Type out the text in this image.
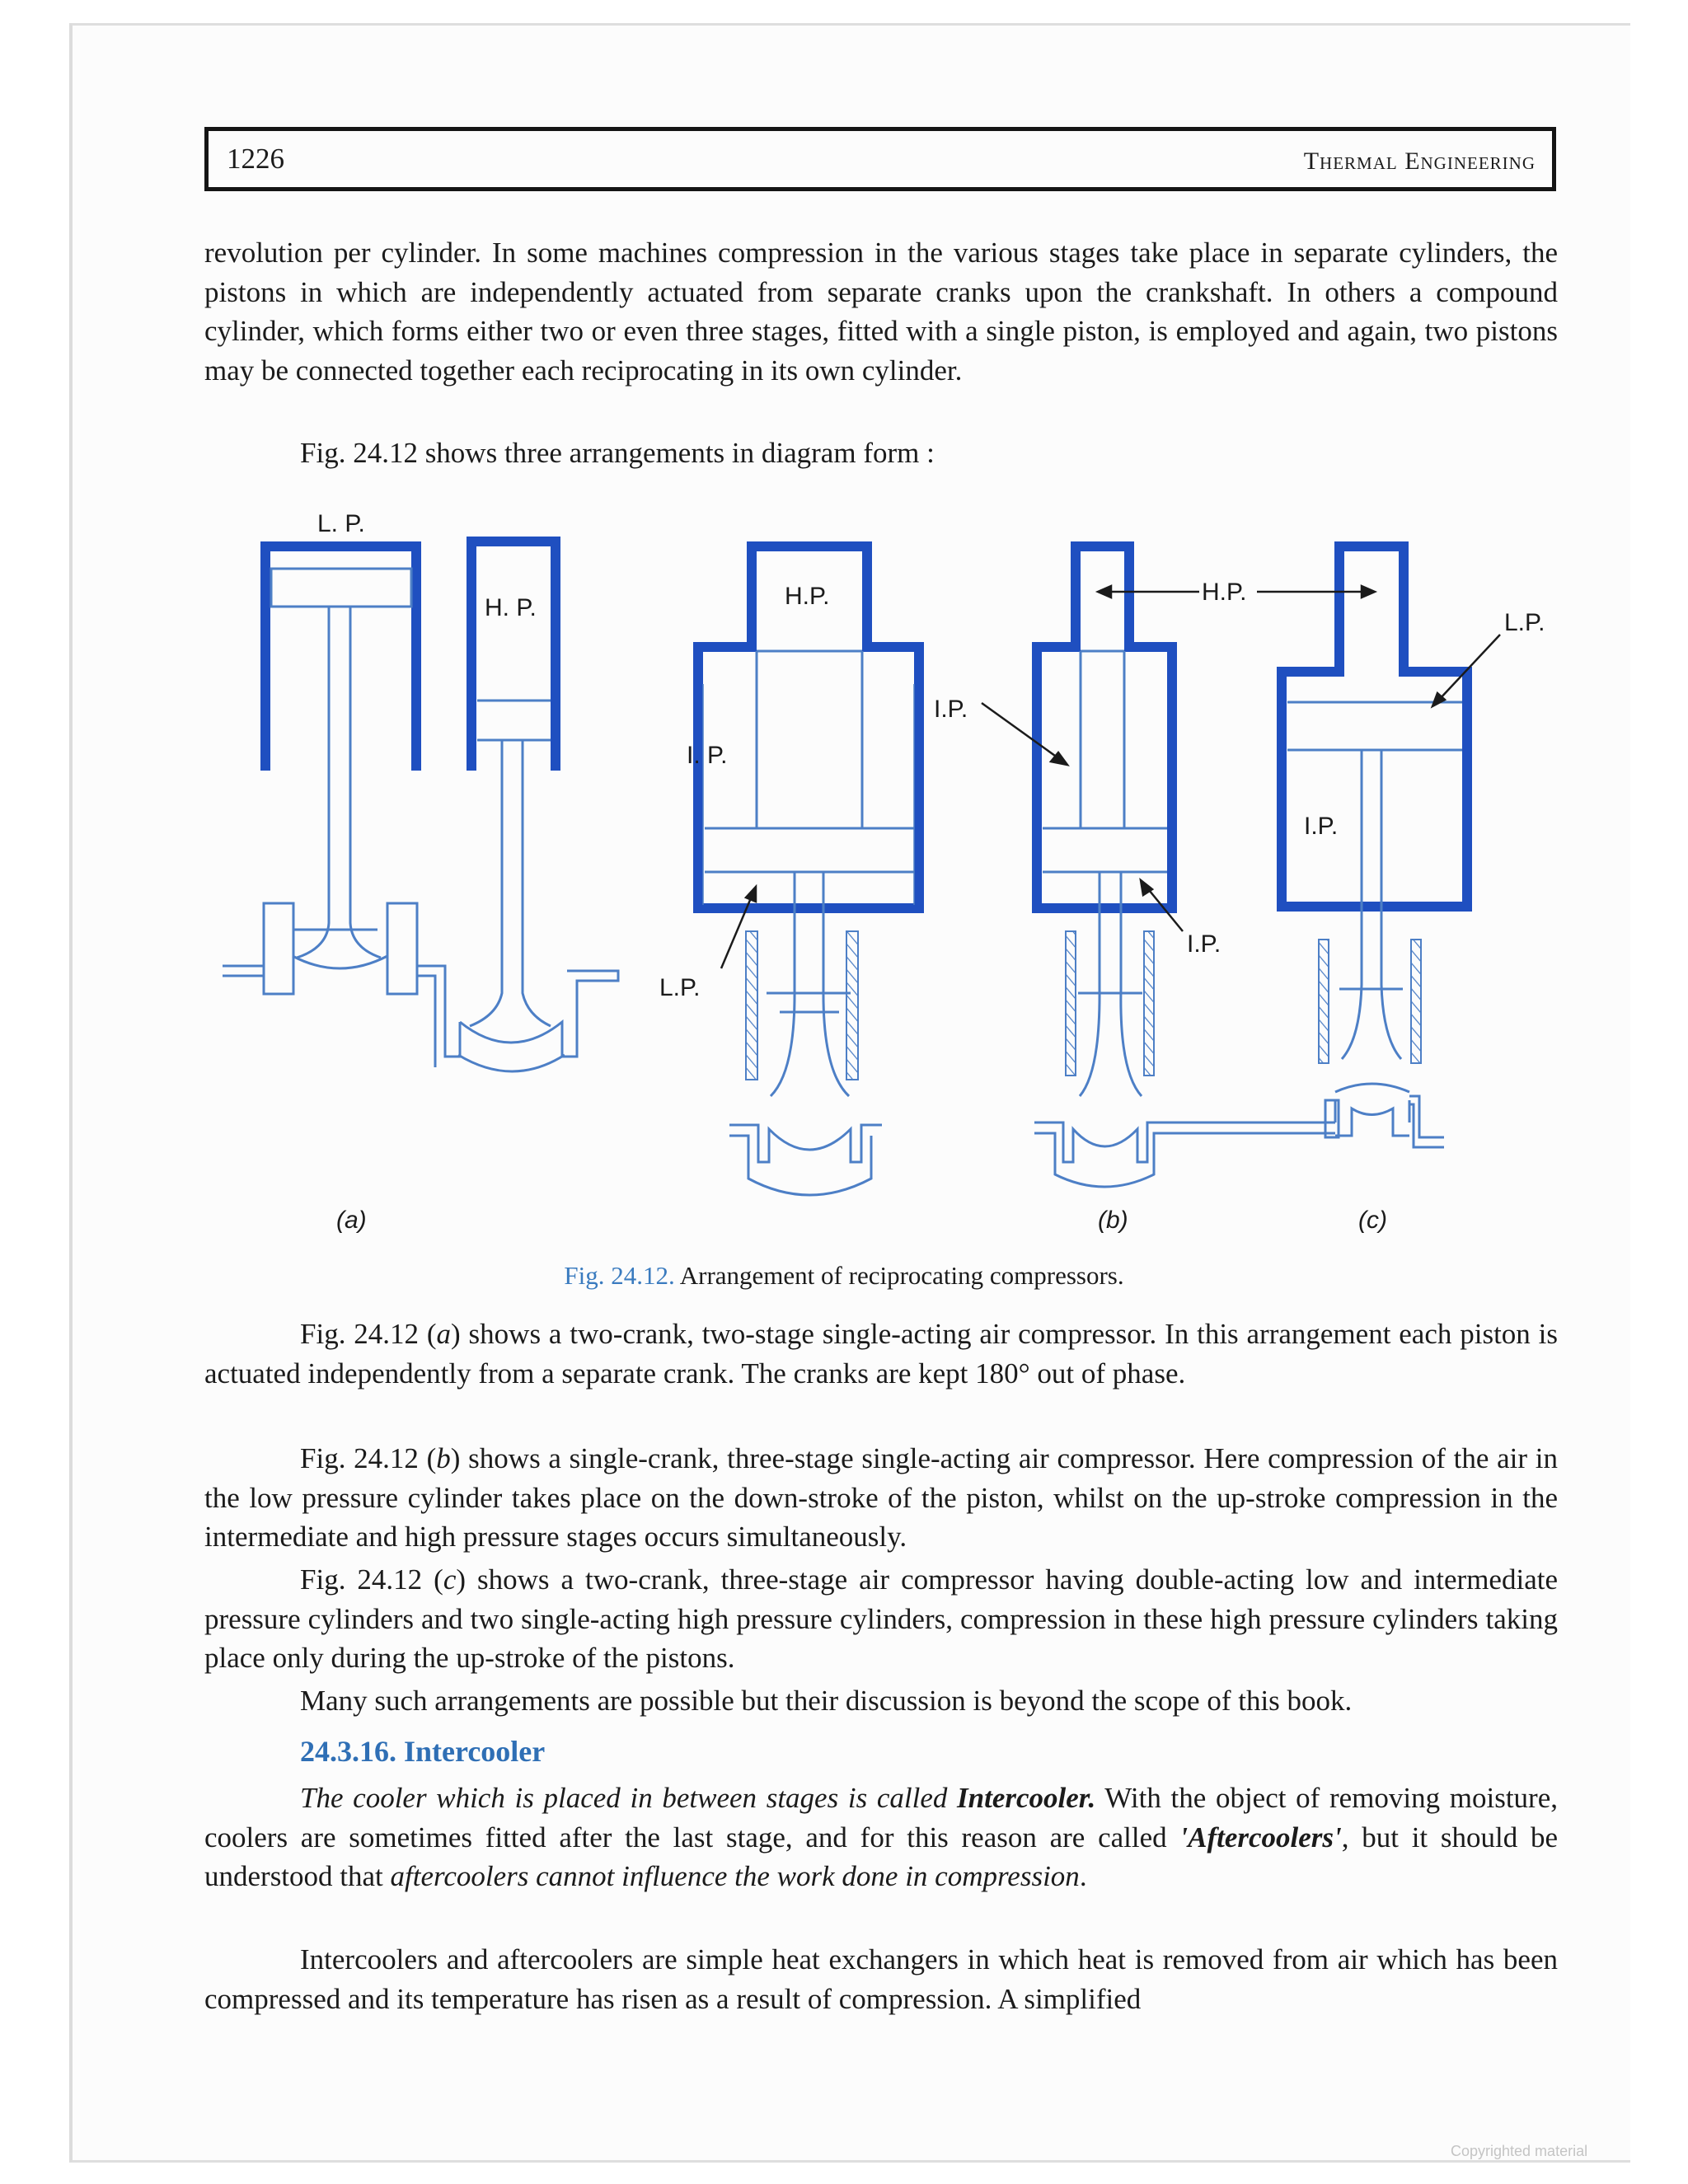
1226	Thermal Engineering

revolution per cylinder. In some machines compression in the various stages take place in separate cylinders, the pistons in which are independently actuated from separate cranks upon the crankshaft. In others a compound cylinder, which forms either two or even three stages, fitted with a single piston, is employed and again, two pistons may be connected together each reciprocating in its own cylinder.

Fig. 24.12 shows three arrangements in diagram form :

L. P.
H. P.	H.P.
I. P.
L.P.
I.P.
H.P.
I.P.
L.P.
I.P.
(a)	(b)	(c)
Fig. 24.12. Arrangement of reciprocating compressors.

Fig. 24.12 (a) shows a two-crank, two-stage single-acting air compressor. In this arrangement each piston is actuated independently from a separate crank. The cranks are kept 180° out of phase.

Fig. 24.12 (b) shows a single-crank, three-stage single-acting air compressor. Here compression of the air in the low pressure cylinder takes place on the down-stroke of the piston, whilst on the up-stroke compression in the intermediate and high pressure stages occurs simultaneously.

Fig. 24.12 (c) shows a two-crank, three-stage air compressor having double-acting low and intermediate pressure cylinders and two single-acting high pressure cylinders, compression in these high pressure cylinders taking place only during the up-stroke of the pistons.

Many such arrangements are possible but their discussion is beyond the scope of this book.

24.3.16. Intercooler

The cooler which is placed in between stages is called Intercooler. With the object of removing moisture, coolers are sometimes fitted after the last stage, and for this reason are called 'Aftercoolers', but it should be understood that aftercoolers cannot influence the work done in compression.

Intercoolers and aftercoolers are simple heat exchangers in which heat is removed from air which has been compressed and its temperature has risen as a result of compression. A simplified

Copyrighted material
